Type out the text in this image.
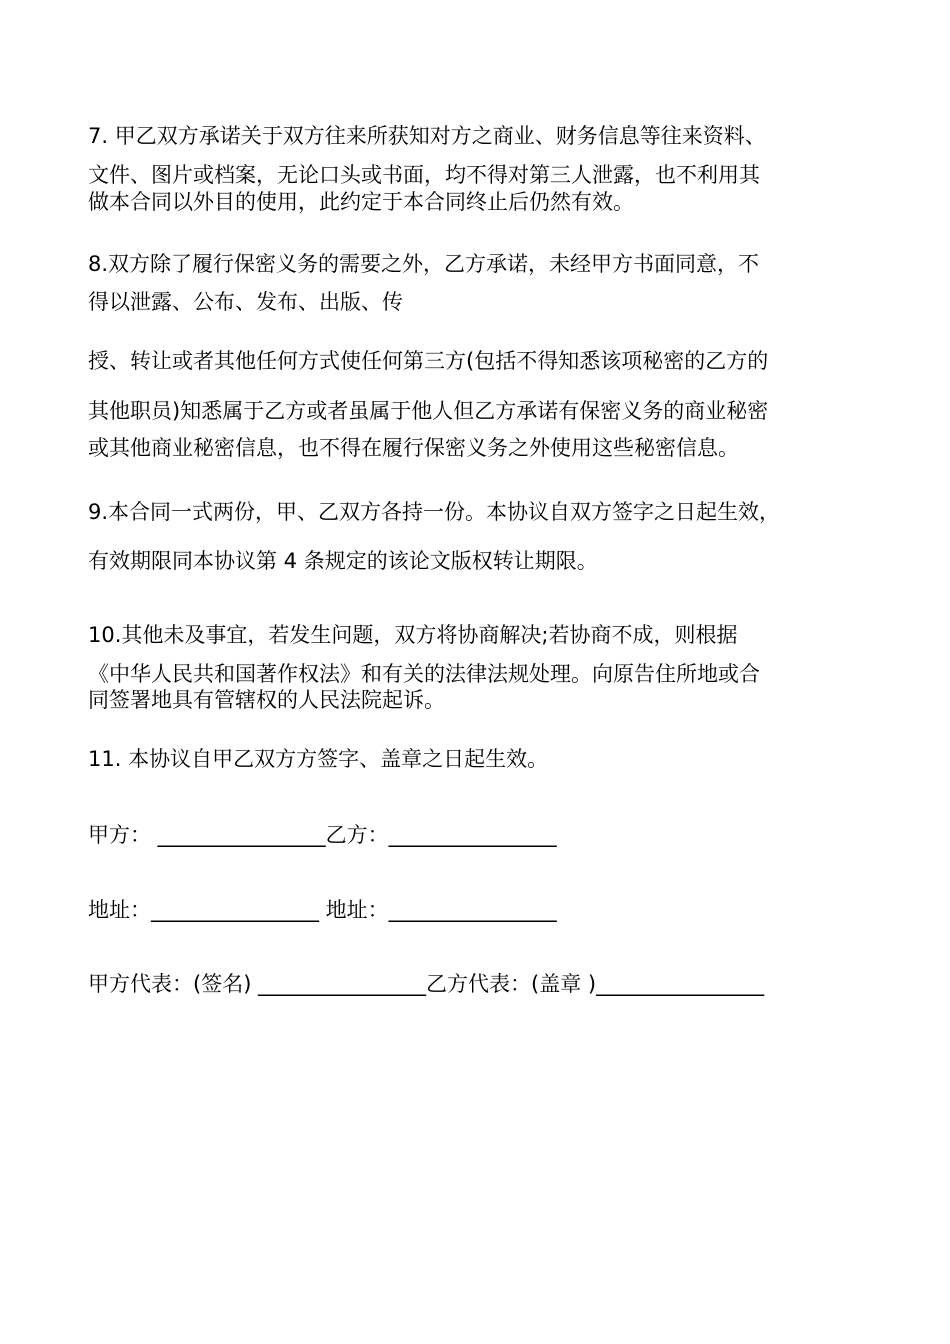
7. 甲乙双方承诺关于双方往来所获知对方之商业、财务信息等往来资料、
文件、图片或档案，无论口头或书面，均不得对第三人泄露，也不利用其
做本合同以外目的使用，此约定于本合同终止后仍然有效。
8.双方除了履行保密义务的需要之外，乙方承诺，未经甲方书面同意，不
得以泄露、公布、发布、出版、传
授、转让或者其他任何方式使任何第三方(包括不得知悉该项秘密的乙方的
其他职员)知悉属于乙方或者虽属于他人但乙方承诺有保密义务的商业秘密
或其他商业秘密信息，也不得在履行保密义务之外使用这些秘密信息。
9.本合同一式两份，甲、乙双方各持一份。本协议自双方签字之日起生效，
有效期限同本协议第 4 条规定的该论文版权转让期限。
10.其他未及事宜，若发生问题，双方将协商解决;若协商不成，则根据
《中华人民共和国著作权法》和有关的法律法规处理。向原告住所地或合
同签署地具有管辖权的人民法院起诉。
11. 本协议自甲乙双方方签字、盖章之日起生效。
甲方： ________________乙方：________________
地址：________________ 地址：________________
甲方代表：(签名) ________________乙方代表：(盖章 )________________
